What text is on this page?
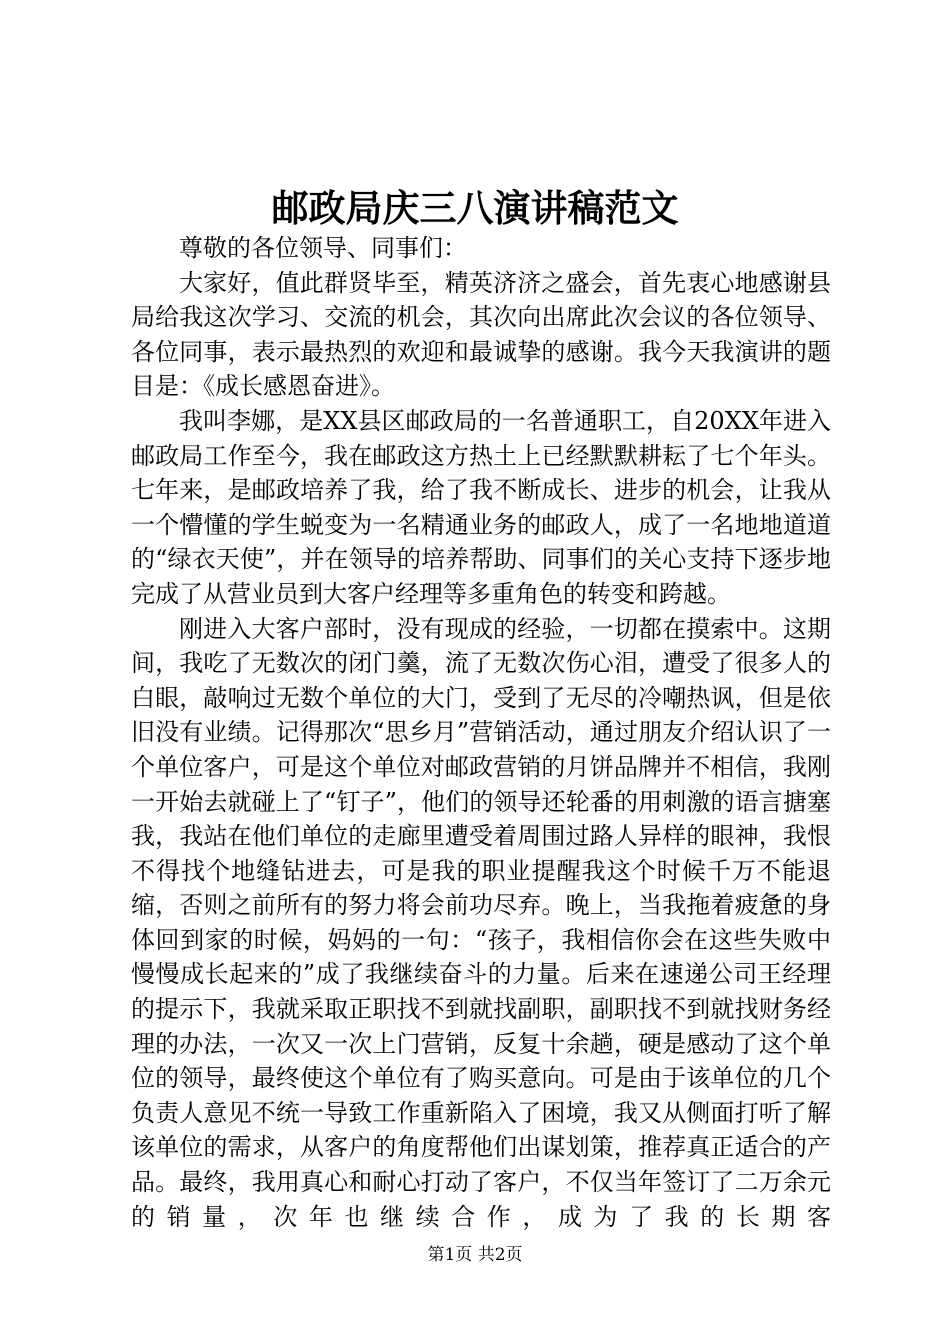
邮政局庆三八演讲稿范文

尊敬的各位领导、同事们：

大家好，值此群贤毕至，精英济济之盛会，首先衷心地感谢县局给我这次学习、交流的机会，其次向出席此次会议的各位领导、各位同事，表示最热烈的欢迎和最诚挚的感谢。我今天我演讲的题目是：《成长感恩奋进》。

我叫李娜，是XX县区邮政局的一名普通职工，自20XX年进入邮政局工作至今，我在邮政这方热土上已经默默耕耘了七个年头。七年来，是邮政培养了我，给了我不断成长、进步的机会，让我从一个懵懂的学生蜕变为一名精通业务的邮政人，成了一名地地道道的“绿衣天使”，并在领导的培养帮助、同事们的关心支持下逐步地完成了从营业员到大客户经理等多重角色的转变和跨越。

刚进入大客户部时，没有现成的经验，一切都在摸索中。这期间，我吃了无数次的闭门羹，流了无数次伤心泪，遭受了很多人的白眼，敲响过无数个单位的大门，受到了无尽的冷嘲热讽，但是依旧没有业绩。记得那次“思乡月”营销活动，通过朋友介绍认识了一个单位客户，可是这个单位对邮政营销的月饼品牌并不相信，我刚一开始去就碰上了“钉子”，他们的领导还轮番的用刺激的语言搪塞我，我站在他们单位的走廊里遭受着周围过路人异样的眼神，我恨不得找个地缝钻进去，可是我的职业提醒我这个时候千万不能退缩，否则之前所有的努力将会前功尽弃。晚上，当我拖着疲惫的身体回到家的时候，妈妈的一句：“孩子，我相信你会在这些失败中慢慢成长起来的”成了我继续奋斗的力量。后来在速递公司王经理的提示下，我就采取正职找不到就找副职，副职找不到就找财务经理的办法，一次又一次上门营销，反复十余趟，硬是感动了这个单位的领导，最终使这个单位有了购买意向。可是由于该单位的几个负责人意见不统一导致工作重新陷入了困境，我又从侧面打听了解该单位的需求，从客户的角度帮他们出谋划策，推荐真正适合的产品。最终，我用真心和耐心打动了客户，不仅当年签订了二万余元的销量，次年也继续合作，成为了我的长期客

第1页 共2页
